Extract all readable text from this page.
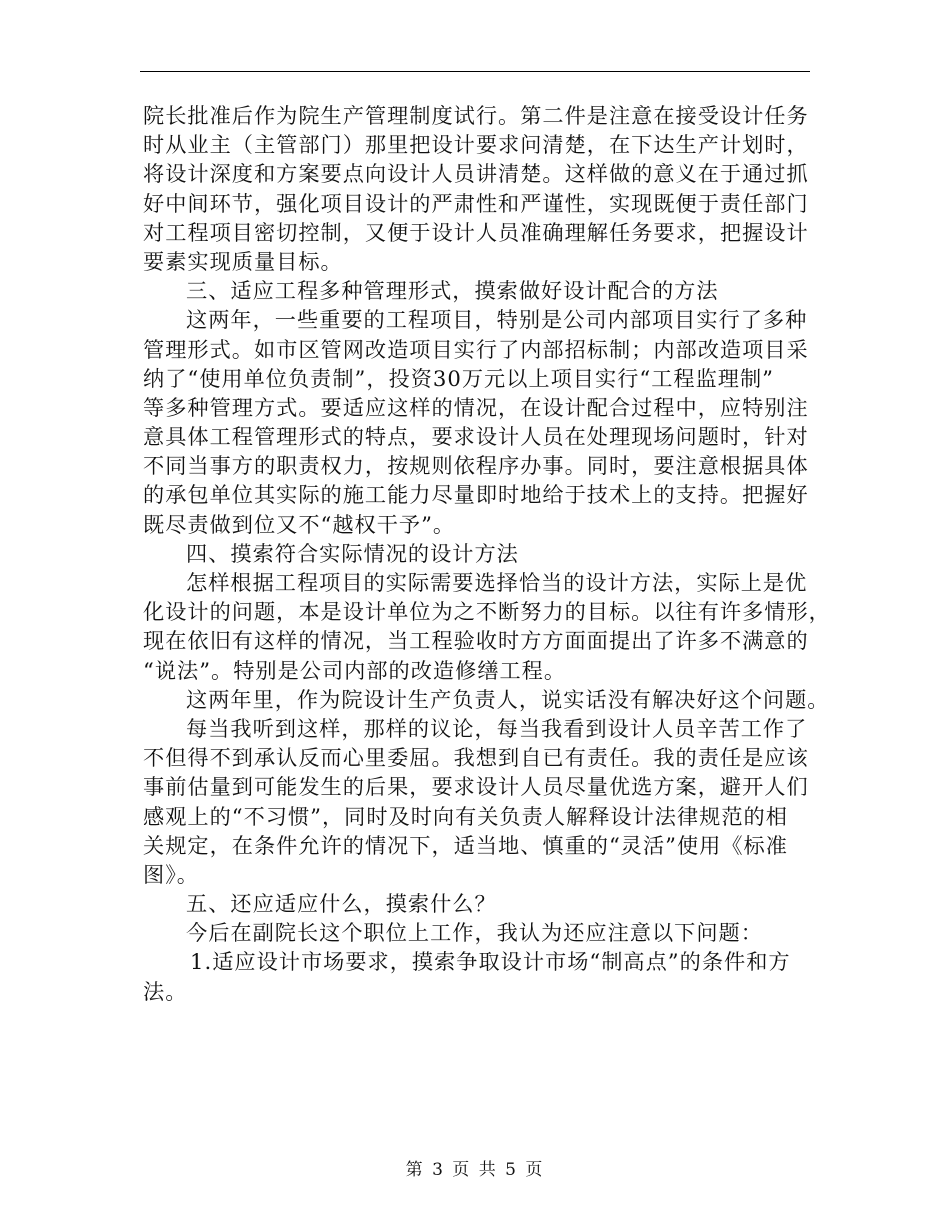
院长批准后作为院生产管理制度试行。第二件是注意在接受设计任务
时从业主（主管部门）那里把设计要求问清楚，在下达生产计划时，
将设计深度和方案要点向设计人员讲清楚。这样做的意义在于通过抓
好中间环节，强化项目设计的严肃性和严谨性，实现既便于责任部门
对工程项目密切控制，又便于设计人员准确理解任务要求，把握设计
要素实现质量目标。
三、适应工程多种管理形式，摸索做好设计配合的方法
这两年，一些重要的工程项目，特别是公司内部项目实行了多种
管理形式。如市区管网改造项目实行了内部招标制；内部改造项目采
纳了“使用单位负责制”，投资30万元以上项目实行“工程监理制”
等多种管理方式。要适应这样的情况，在设计配合过程中，应特别注
意具体工程管理形式的特点，要求设计人员在处理现场问题时，针对
不同当事方的职责权力，按规则依程序办事。同时，要注意根据具体
的承包单位其实际的施工能力尽量即时地给于技术上的支持。把握好
既尽责做到位又不“越权干予”。
四、摸索符合实际情况的设计方法
怎样根据工程项目的实际需要选择恰当的设计方法，实际上是优
化设计的问题，本是设计单位为之不断努力的目标。以往有许多情形，
现在依旧有这样的情况，当工程验收时方方面面提出了许多不满意的
“说法”。特别是公司内部的改造修缮工程。
这两年里，作为院设计生产负责人，说实话没有解决好这个问题。
每当我听到这样，那样的议论，每当我看到设计人员辛苦工作了
不但得不到承认反而心里委屈。我想到自已有责任。我的责任是应该
事前估量到可能发生的后果，要求设计人员尽量优选方案，避开人们
感观上的“不习惯”，同时及时向有关负责人解释设计法律规范的相
关规定，在条件允许的情况下，适当地、慎重的“灵活”使用《标准
图》。
五、还应适应什么，摸索什么？
今后在副院长这个职位上工作，我认为还应注意以下问题：
1.适应设计市场要求，摸索争取设计市场“制高点”的条件和方
法。
第 3 页 共 5 页
